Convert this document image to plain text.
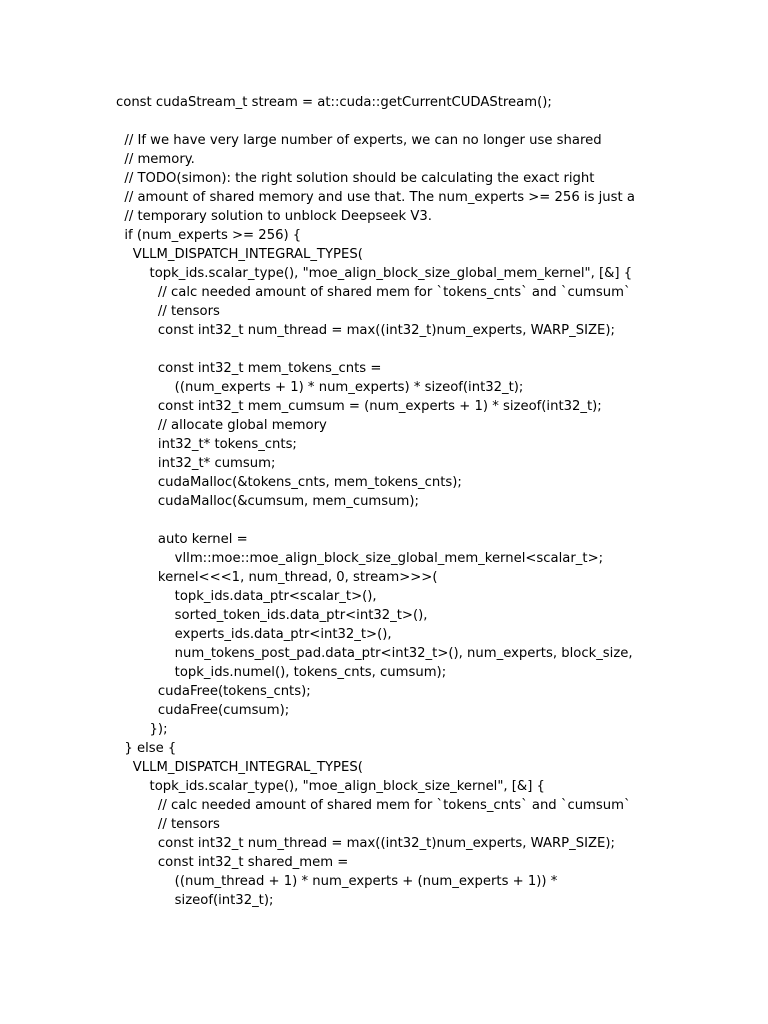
const cudaStream_t stream = at::cuda::getCurrentCUDAStream();
// If we have very large number of experts, we can no longer use shared
// memory.
// TODO(simon): the right solution should be calculating the exact right
// amount of shared memory and use that. The num_experts >= 256 is just a
// temporary solution to unblock Deepseek V3.
if (num_experts >= 256) {
VLLM_DISPATCH_INTEGRAL_TYPES(
topk_ids.scalar_type(), "moe_align_block_size_global_mem_kernel", [&] {
// calc needed amount of shared mem for `tokens_cnts` and `cumsum`
// tensors
const int32_t num_thread = max((int32_t)num_experts, WARP_SIZE);
const int32_t mem_tokens_cnts =
((num_experts + 1) * num_experts) * sizeof(int32_t);
const int32_t mem_cumsum = (num_experts + 1) * sizeof(int32_t);
// allocate global memory
int32_t* tokens_cnts;
int32_t* cumsum;
cudaMalloc(&tokens_cnts, mem_tokens_cnts);
cudaMalloc(&cumsum, mem_cumsum);
auto kernel =
vllm::moe::moe_align_block_size_global_mem_kernel<scalar_t>;
kernel<<<1, num_thread, 0, stream>>>(
topk_ids.data_ptr<scalar_t>(),
sorted_token_ids.data_ptr<int32_t>(),
experts_ids.data_ptr<int32_t>(),
num_tokens_post_pad.data_ptr<int32_t>(), num_experts, block_size,
topk_ids.numel(), tokens_cnts, cumsum);
cudaFree(tokens_cnts);
cudaFree(cumsum);
});
} else {
VLLM_DISPATCH_INTEGRAL_TYPES(
topk_ids.scalar_type(), "moe_align_block_size_kernel", [&] {
// calc needed amount of shared mem for `tokens_cnts` and `cumsum`
// tensors
const int32_t num_thread = max((int32_t)num_experts, WARP_SIZE);
const int32_t shared_mem =
((num_thread + 1) * num_experts + (num_experts + 1)) *
sizeof(int32_t);
